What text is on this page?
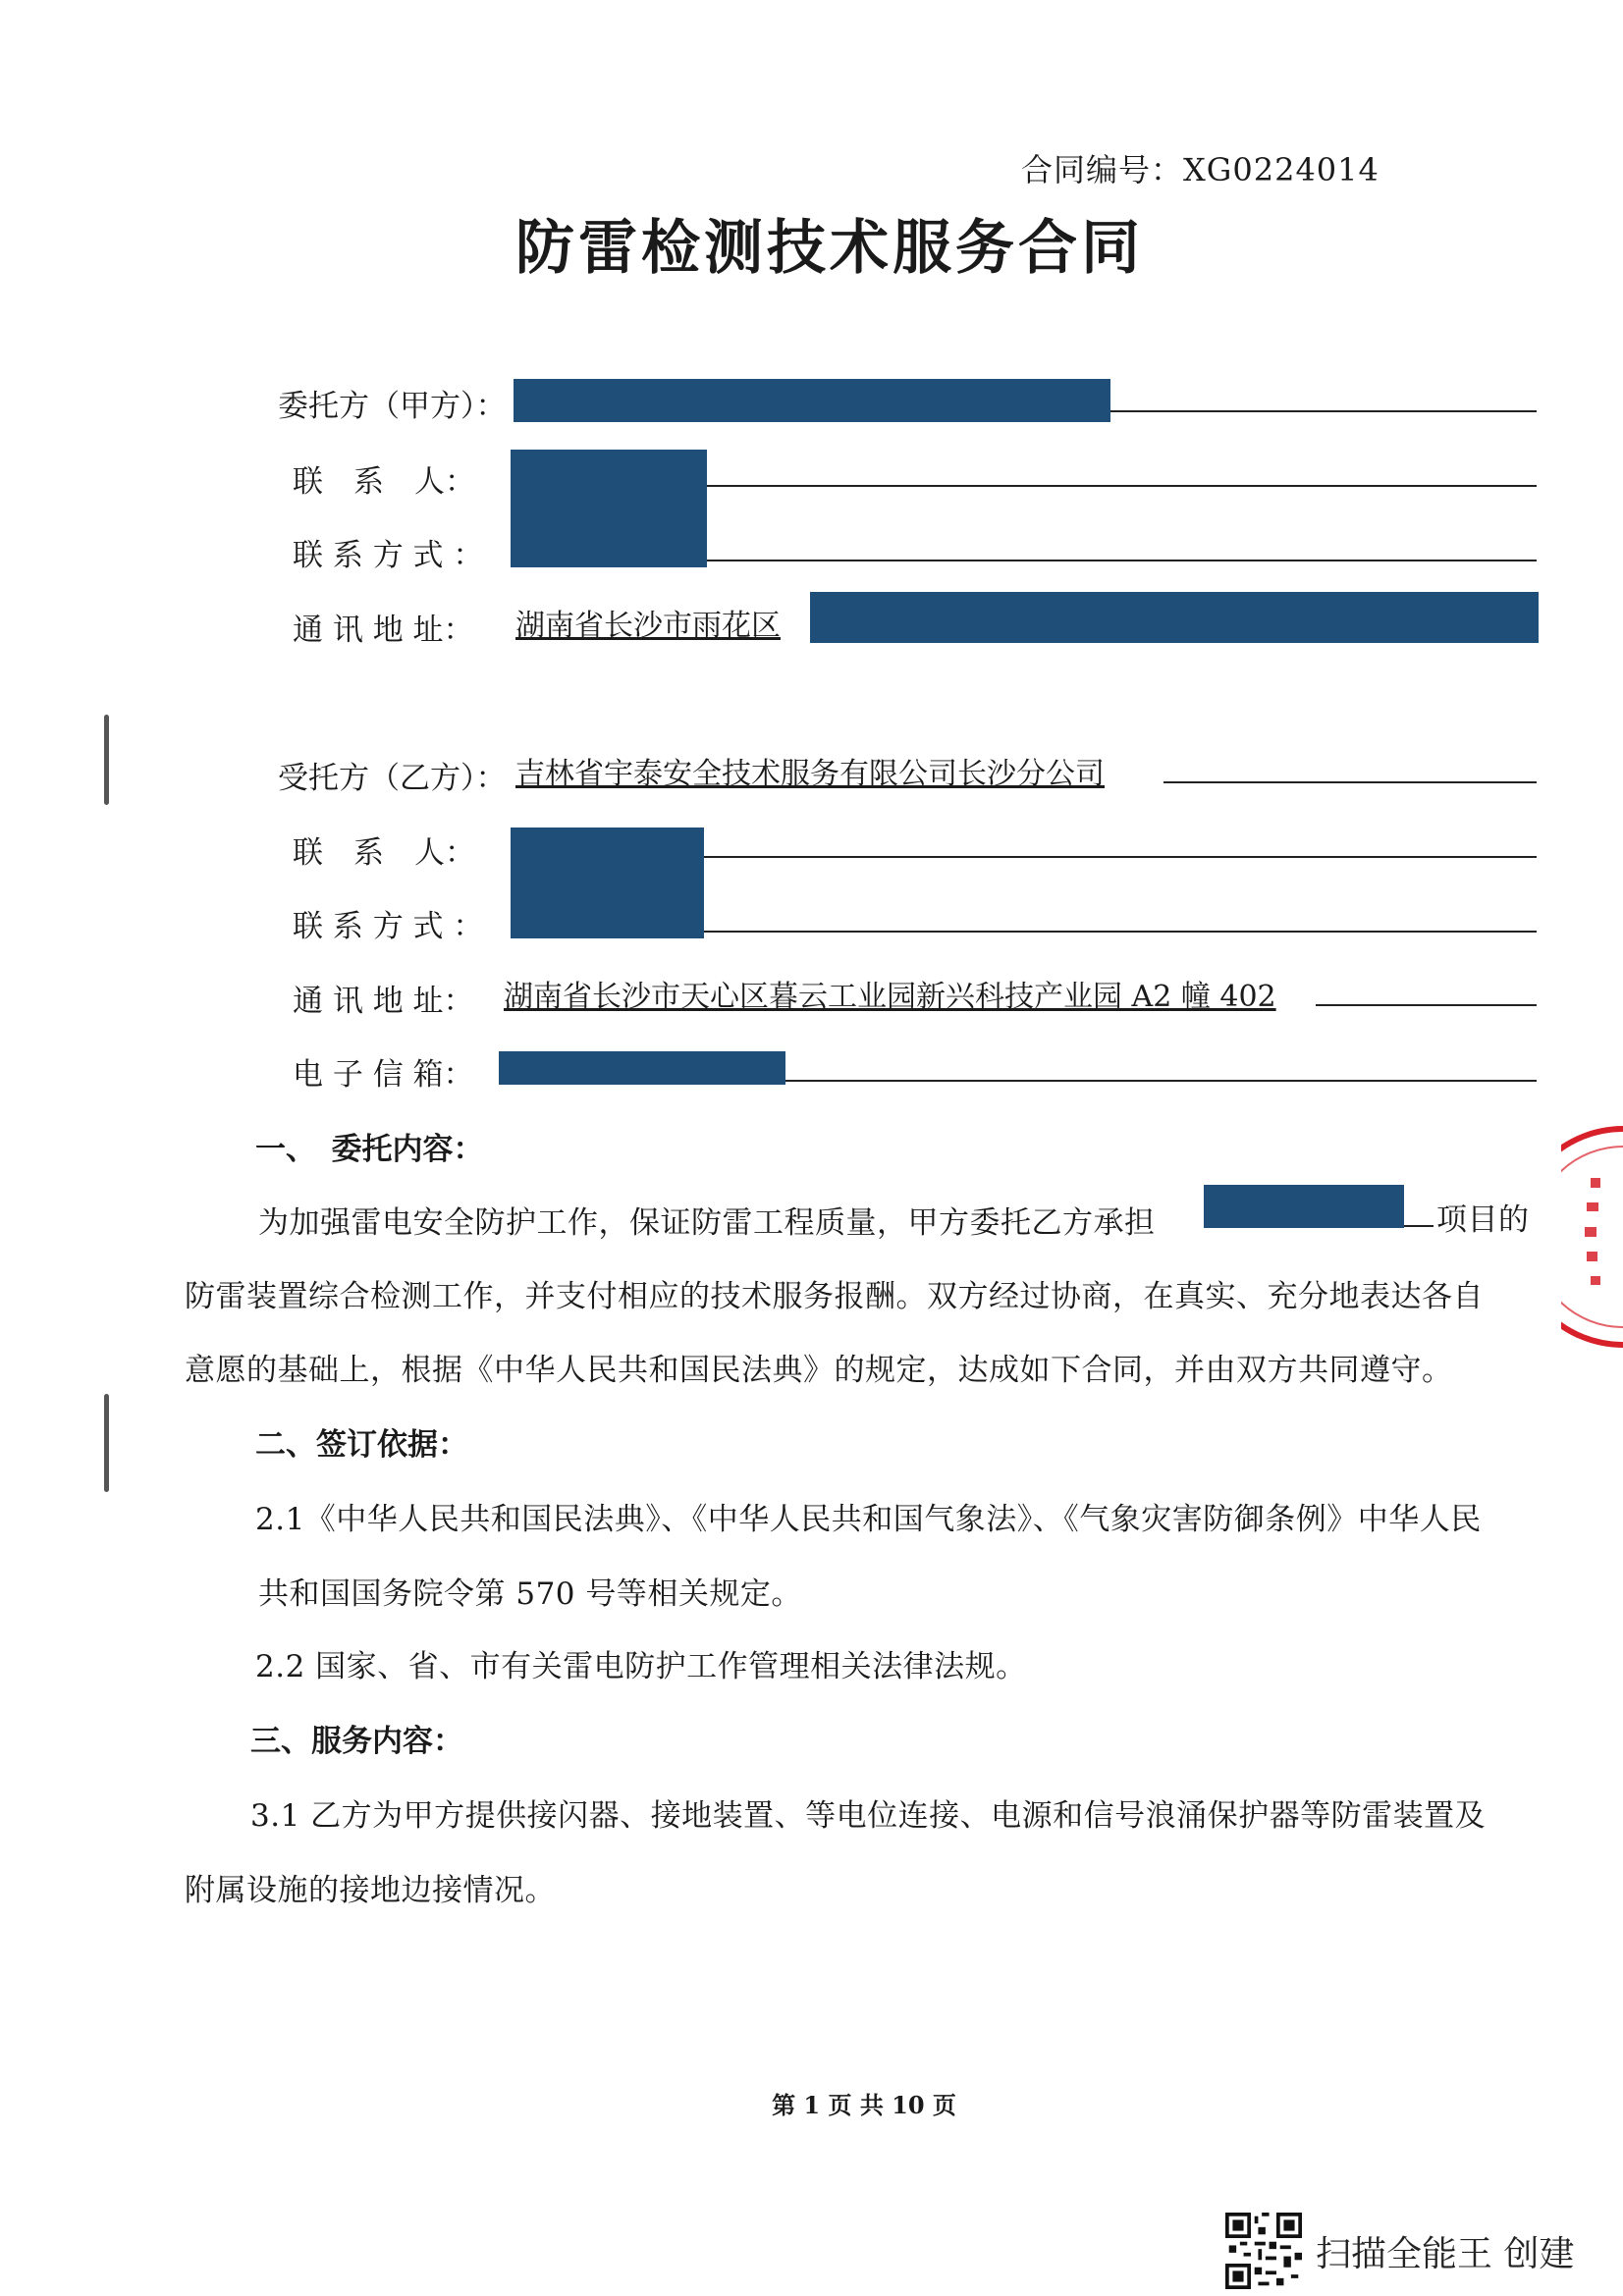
合同编号：XG0224014
防雷检测技术服务合同
委托方（甲方）：
联　系　人：
联 系 方 式 ：
通 讯 地 址： 湖南省长沙市雨花区
受托方（乙方）： 吉林省宇泰安全技术服务有限公司长沙分公司
联　系　人：
联 系 方 式 ：
通 讯 地 址： 湖南省长沙市天心区暮云工业园新兴科技产业园 A2 幢 402
电 子 信 箱：
一、　委托内容：
为加强雷电安全防护工作，保证防雷工程质量，甲方委托乙方承担	项目的
防雷装置综合检测工作，并支付相应的技术服务报酬。双方经过协商，在真实、充分地表达各自
意愿的基础上，根据《中华人民共和国民法典》的规定，达成如下合同，并由双方共同遵守。
二、签订依据：
2.1《中华人民共和国民法典》、《中华人民共和国气象法》、《气象灾害防御条例》中华人民
共和国国务院令第 570 号等相关规定。
2.2 国家、省、市有关雷电防护工作管理相关法律法规。
三、服务内容：
3.1 乙方为甲方提供接闪器、接地装置、等电位连接、电源和信号浪涌保护器等防雷装置及
附属设施的接地边接情况。
第 1 页 共 10 页
扫描全能王 创建
